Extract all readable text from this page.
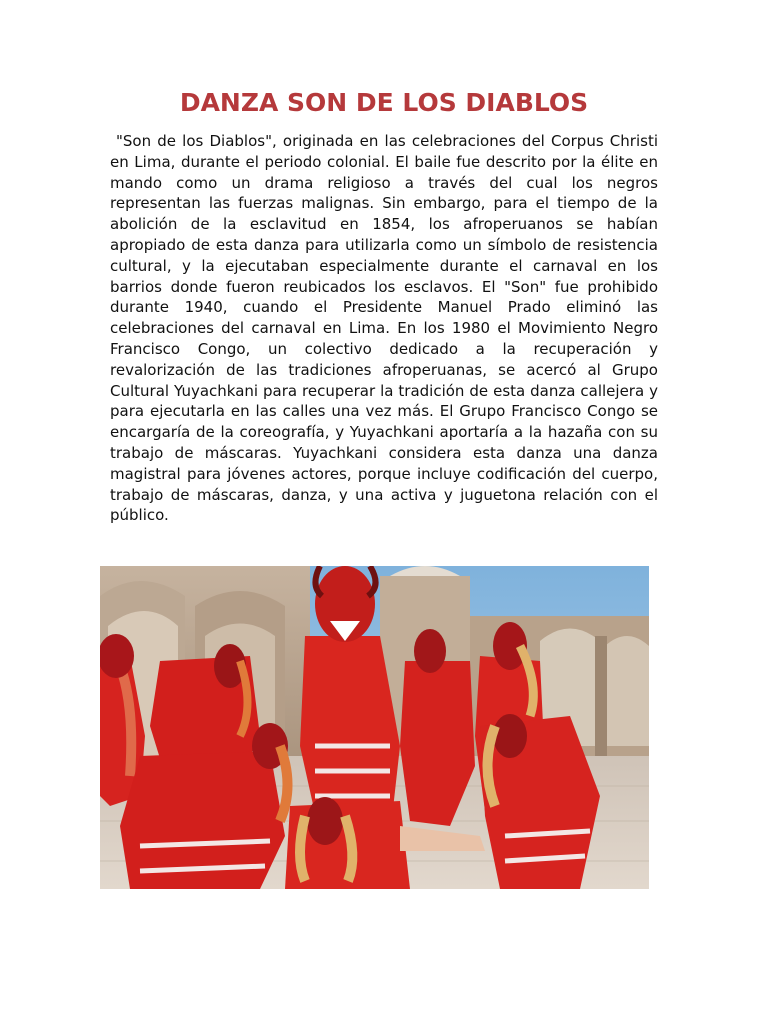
DANZA SON DE LOS DIABLOS

"Son de los Diablos", originada en las celebraciones del Corpus Christi en Lima, durante el periodo colonial. El baile fue descrito por la élite en mando como un drama religioso a través del cual los negros representan las fuerzas malignas. Sin embargo, para el tiempo de la abolición de la esclavitud en 1854, los afroperuanos se habían apropiado de esta danza para utilizarla como un símbolo de resistencia cultural, y la ejecutaban especialmente durante el carnaval en los barrios donde fueron reubicados los esclavos. El "Son" fue prohibido durante 1940, cuando el Presidente Manuel Prado eliminó las celebraciones del carnaval en Lima. En los 1980 el Movimiento Negro Francisco Congo, un colectivo dedicado a la recuperación y revalorización de las tradiciones afroperuanas, se acercó al Grupo Cultural Yuyachkani para recuperar la tradición de esta danza callejera y para ejecutarla en las calles una vez más. El Grupo Francisco Congo se encargaría de la coreografía, y Yuyachkani aportaría a la hazaña con su trabajo de máscaras. Yuyachkani considera esta danza una danza magistral para jóvenes actores, porque incluye codificación del cuerpo, trabajo de máscaras, danza, y una activa y juguetona relación con el público.
